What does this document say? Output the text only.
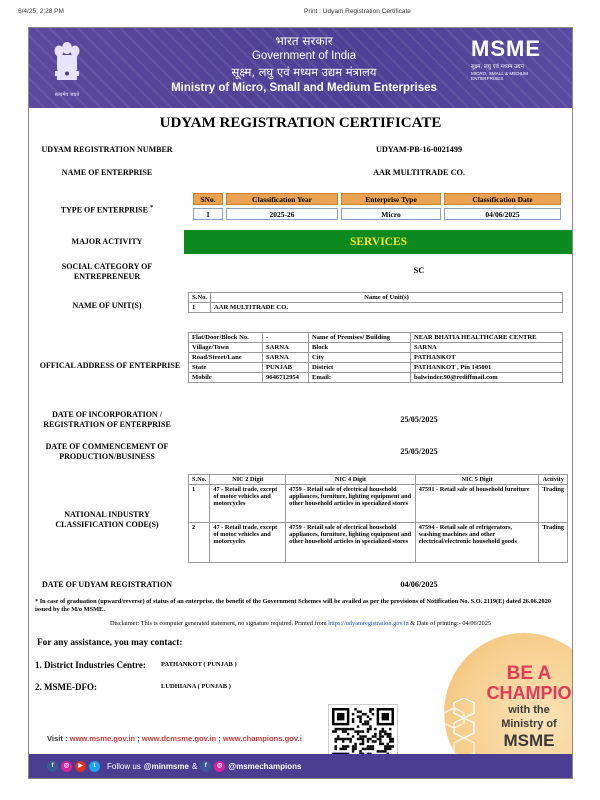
6/4/25, 2:28 PM	Print : Udyam Registration Certificate
सत्यमेव जयते
भारत सरकार
Government of India
सूक्ष्म, लघु एवं मध्यम उद्यम मंत्रालय
Ministry of Micro, Small and Medium Enterprises
MSME
सूक्ष्म, लघु एवं मध्यम उद्यम
MICRO, SMALL & MEDIUM ENTERPRISES
UDYAM REGISTRATION CERTIFICATE
UDYAM REGISTRATION NUMBER	UDYAM-PB-16-0021499
NAME OF ENTERPRISE	AAR MULTITRADE CO.
TYPE OF ENTERPRISE *
SNo.	Classification Year	Enterprise Type	Classification Date
1	2025-26	Micro	04/06/2025
MAJOR ACTIVITY	SERVICES
SOCIAL CATEGORY OF ENTREPRENEUR
SC
NAME OF UNIT(S)
S.No.	Name of Unit(s)
1	AAR MULTITRADE CO.
OFFICAL ADDRESS OF ENTERPRISE
Flat/Door/Block No.	-	Name of Premises/ Building	NEAR BHATIA HEALTHCARE CENTRE
Village/Town	SARNA	Block	SARNA
Road/Street/Lane	SARNA	City	PATHANKOT
State	PUNJAB	District	PATHANKOT , Pin 145001
Mobile	9646712954	Email:	balwinder.90@rediffmail.com
DATE OF INCORPORATION / REGISTRATION OF ENTERPRISE	25/05/2025
DATE OF COMMENCEMENT OF PRODUCTION/BUSINESS	25/05/2025
NATIONAL INDUSTRY CLASSIFICATION CODE(S)
S.No.	NIC 2 Digit	NIC 4 Digit	NIC 5 Digit	Activity
1	47 - Retail trade, except of motor vehicles and motorcycles	4759 - Retail sale of electrical household appliances, furniture, lighting equipment and other household articles in specialized stores	47591 - Retail sale of household furniture	Trading
2	47 - Retail trade, except of motor vehicles and motorcycles	4759 - Retail sale of electrical household appliances, furniture, lighting equipment and other household articles in specialized stores	47594 - Retail sale of refrigerators, washing machines and other electrical/electronic household goods	Trading
DATE OF UDYAM REGISTRATION	04/06/2025
* In case of graduation (upward/reverse) of status of an enterprise, the benefit of the Government Schemes will be availed as per the provisions of Notification No. S.O. 2119(E) dated 26.06.2020 issued by the M/o MSME.
Disclaimer: This is computer generated statement, no signature required. Printed from https://udyamregistration.gov.in & Date of printing:- 04/06/2025
For any assistance, you may contact:
1. District Industries Centre: PATHANKOT ( PUNJAB )
2. MSME-DFO:	LUDHIANA ( PUNJAB )
BE A
CHAMPIO
with the
Ministry of
MSME
Visit : www.msme.gov.in ; www.dcmsme.gov.in ; www.champions.gov.i
f	◎	▶	t	Follow us @minmsme &	f	◎ @msmechampions
